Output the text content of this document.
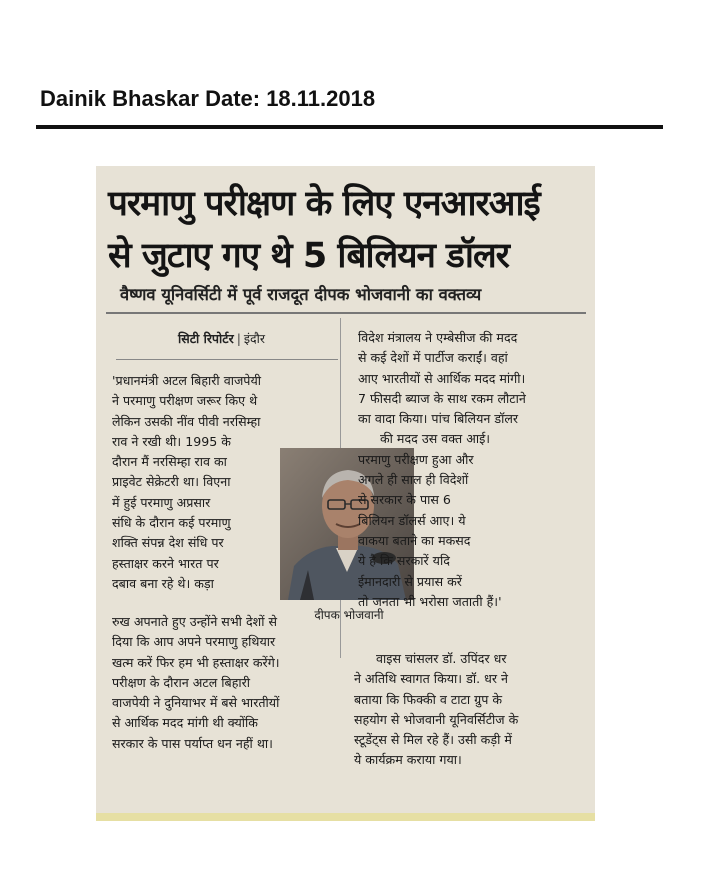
Dainik Bhaskar Date: 18.11.2018
परमाणु परीक्षण के लिए एनआरआई
से जुटाए गए थे 5 बिलियन डॉलर
वैष्णव यूनिवर्सिटी में पूर्व राजदूत दीपक भोजवानी का वक्तव्य
सिटी रिपोर्टर | इंदौर
'प्रधानमंत्री अटल बिहारी वाजपेयी
ने परमाणु परीक्षण जरूर किए थे
लेकिन उसकी नींव पीवी नरसिम्हा
राव ने रखी थी। 1995 के
दौरान मैं नरसिम्हा राव का
प्राइवेट सेक्रेटरी था। विएना
में हुई परमाणु अप्रसार
संधि के दौरान कई परमाणु
शक्ति संपन्न देश संधि पर
हस्ताक्षर करने भारत पर
दबाव बना रहे थे। कड़ा
दीपक भोजवानी
रुख अपनाते हुए उन्होंने सभी देशों से
दिया कि आप अपने परमाणु हथियार
खत्म करें फिर हम भी हस्ताक्षर करेंगे।
परीक्षण के दौरान अटल बिहारी
वाजपेयी ने दुनियाभर में बसे भारतीयों
से आर्थिक मदद मांगी थी क्योंकि
सरकार के पास पर्याप्त धन नहीं था।
विदेश मंत्रालय ने एम्बेसीज की मदद
से कई देशों में पार्टीज कराईं। वहां
आए भारतीयों से आर्थिक मदद मांगी।
7 फीसदी ब्याज के साथ रकम लौटाने
का वादा किया। पांच बिलियन डॉलर
की मदद उस वक्त आई।
परमाणु परीक्षण हुआ और
अगले ही साल ही विदेशों
से सरकार के पास 6
बिलियन डॉलर्स आए। ये
वाकया बताने का मकसद
ये है कि सरकारें यदि
ईमानदारी से प्रयास करें
तो जनता भी भरोसा जताती हैं।'
वाइस चांसलर डॉ. उपिंदर धर
ने अतिथि स्वागत किया। डॉ. धर ने
बताया कि फिक्की व टाटा ग्रुप के
सहयोग से भोजवानी यूनिवर्सिटीज के
स्टूडेंट्स से मिल रहे हैं। उसी कड़ी में
ये कार्यक्रम कराया गया।
